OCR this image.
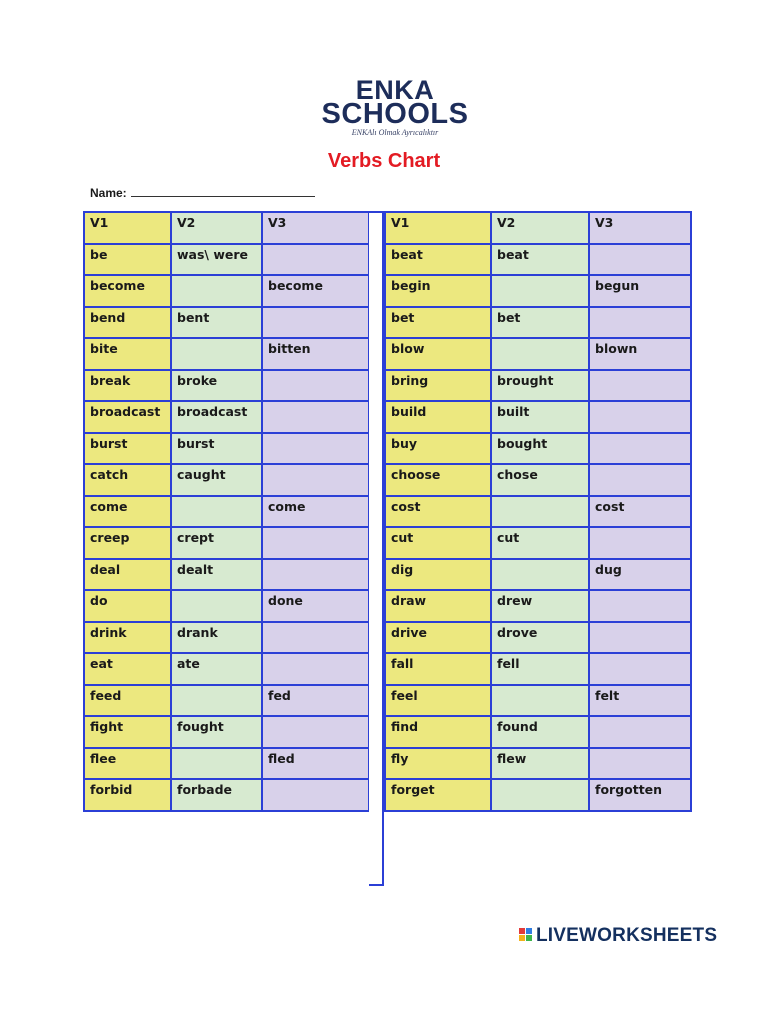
ENKA
SCHOOLS
ENKAlı Olmak Ayrıcalıktır
Verbs Chart
Name:
V1	V2	V3
be	was\ were	
become		become
bend	bent	
bite		bitten
break	broke	
broadcast	broadcast	
burst	burst	
catch	caught	
come		come
creep	crept	
deal	dealt	
do		done
drink	drank	
eat	ate	
feed		fed
fight	fought	
flee		fled
forbid	forbade	
V1	V2	V3
beat	beat	
begin		begun
bet	bet	
blow		blown
bring	brought	
build	built	
buy	bought	
choose	chose	
cost		cost
cut	cut	
dig		dug
draw	drew	
drive	drove	
fall	fell	
feel		felt
find	found	
fly	flew	
forget		forgotten
LIVEWORKSHEETS
